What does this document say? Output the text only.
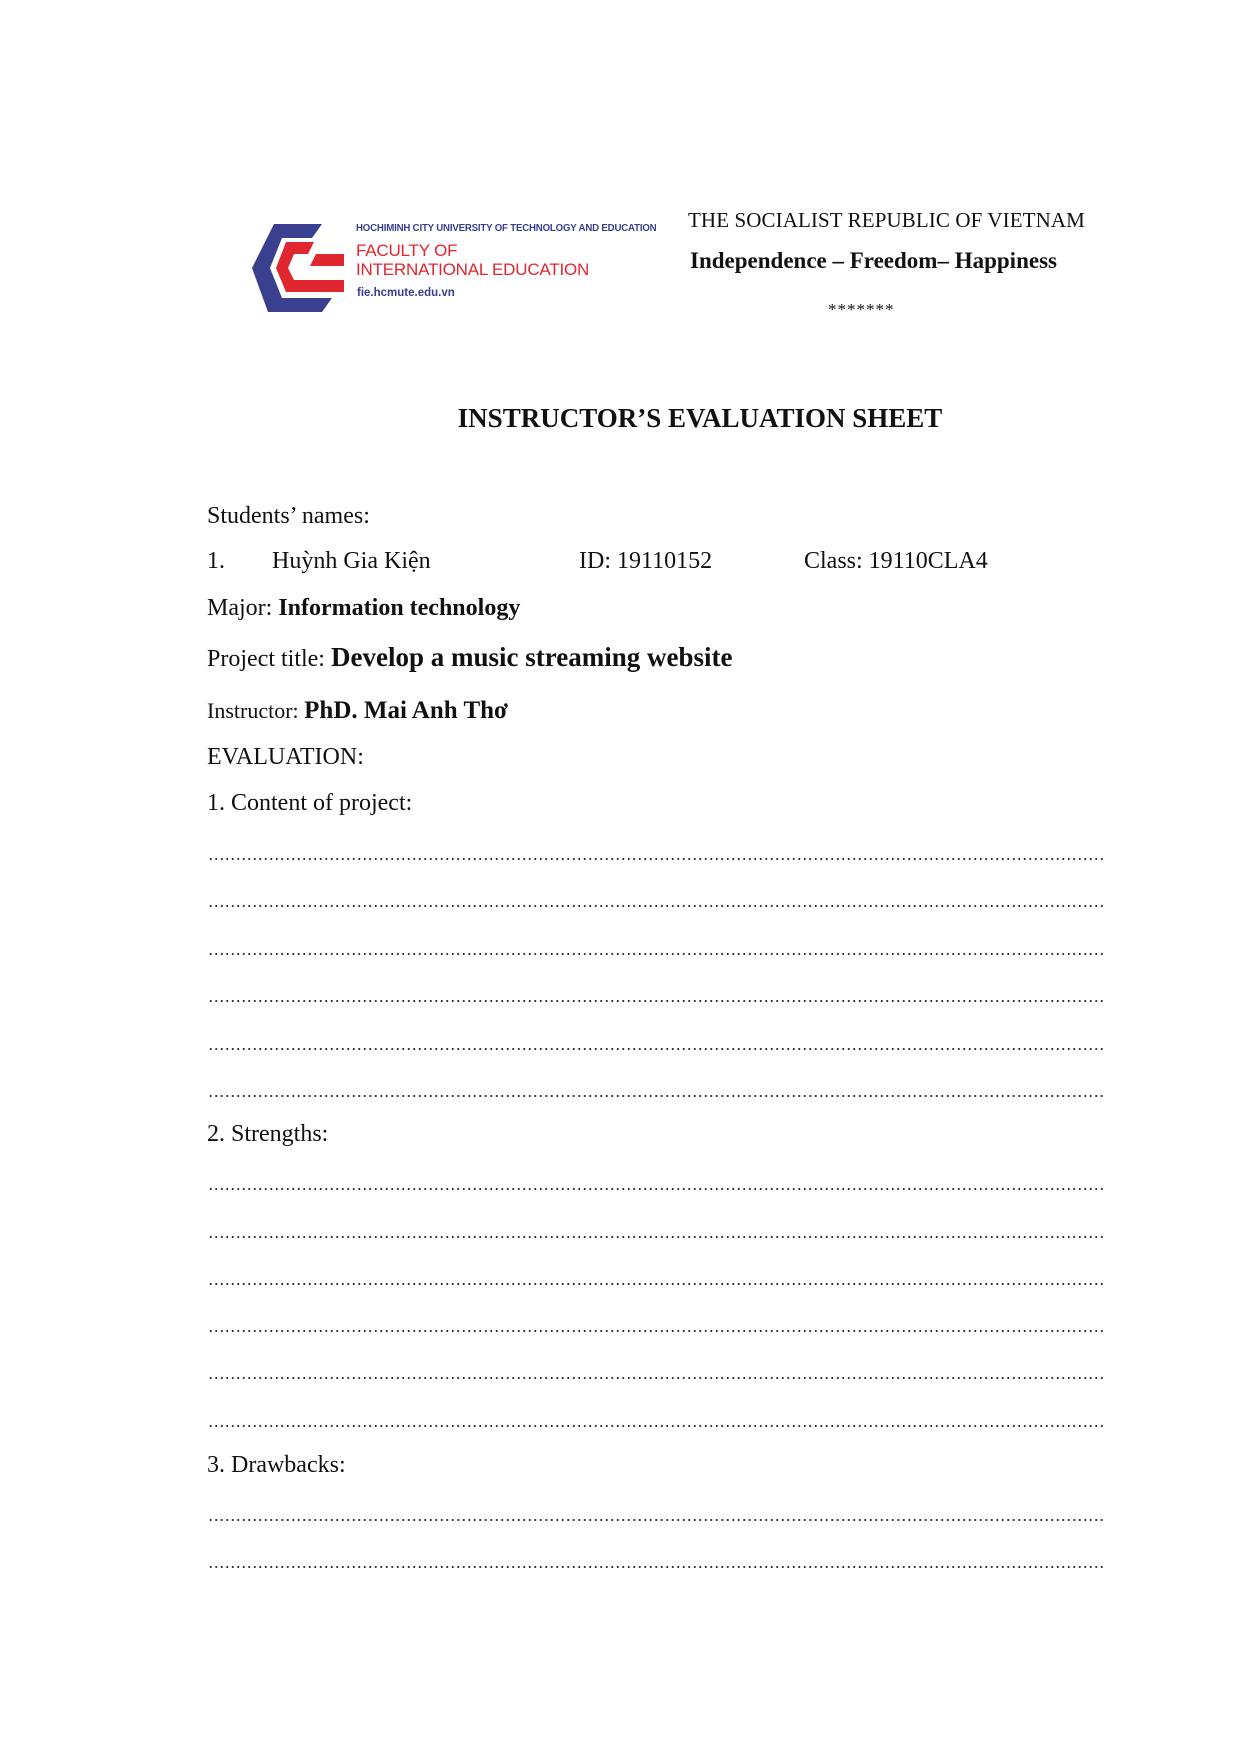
HOCHIMINH CITY UNIVERSITY OF TECHNOLOGY AND EDUCATION
FACULTY OF
INTERNATIONAL EDUCATION
fie.hcmute.edu.vn
THE SOCIALIST REPUBLIC OF VIETNAM
Independence – Freedom– Happiness
*******
INSTRUCTOR’S EVALUATION SHEET
Students’ names:
1. Huỳnh Gia Kiện	ID: 19110152	Class: 19110CLA4
Major: Information technology
Project title: Develop a music streaming website
Instructor: PhD. Mai Anh Thơ
EVALUATION:
1. Content of project:
2. Strengths:
3. Drawbacks:
